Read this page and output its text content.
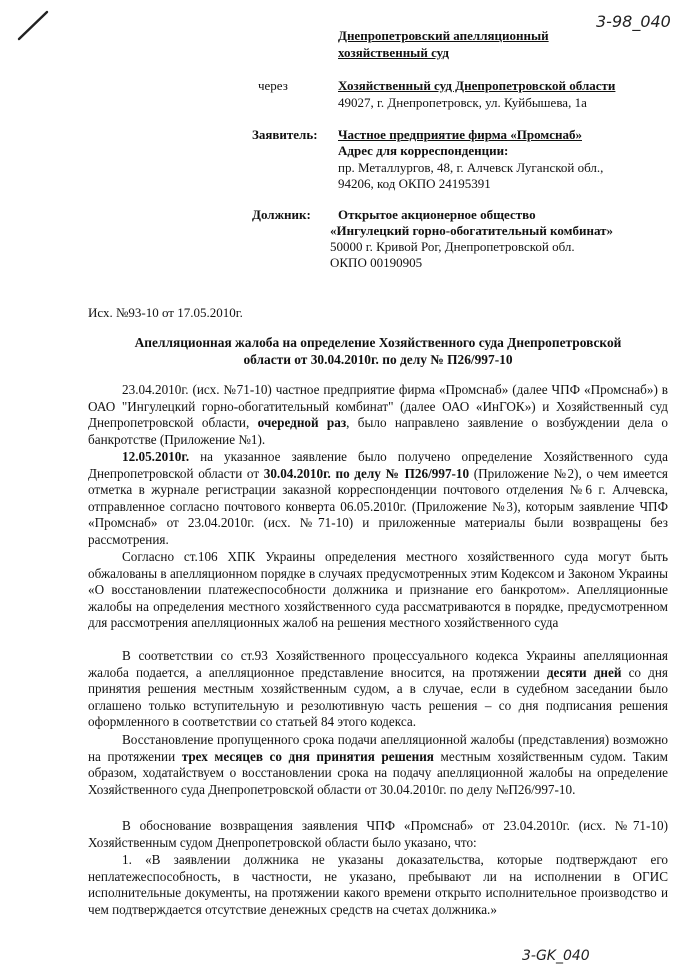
3-98_040
Днепропетровский апелляционный
хозяйственный суд
через	Хозяйственный суд Днепропетровской области
49027, г. Днепропетровск, ул. Куйбышева, 1а
Заявитель: Частное предприятие фирма «Промснаб»
Адрес для корреспонденции:
пр. Металлургов, 48, г. Алчевск Луганской обл.,
94206, код ОКПО 24195391
Должник: Открытое акционерное общество
«Ингулецкий горно-обогатительный комбинат»
50000 г. Кривой Рог, Днепропетровской обл.
ОКПО 00190905
Исх. №93-10 от 17.05.2010г.
Апелляционная жалоба на определение Хозяйственного суда Днепропетровской
области от 30.04.2010г. по делу № П26/997-10
23.04.2010г. (исх. №71-10) частное предприятие фирма «Промснаб» (далее ЧПФ «Промснаб») в ОАО "Ингулецкий горно-обогатительный комбинат" (далее ОАО «ИнГОК») и Хозяйственный суд Днепропетровской области, очередной раз, было направлено заявление о возбуждении дела о банкротстве (Приложение №1).
12.05.2010г. на указанное заявление было получено определение Хозяйственного суда Днепропетровской области от 30.04.2010г. по делу № П26/997-10 (Приложение №2), о чем имеется отметка в журнале регистрации заказной корреспонденции почтового отделения №6 г. Алчевска, отправленное согласно почтового конверта 06.05.2010г. (Приложение №3), которым заявление ЧПФ «Промснаб» от 23.04.2010г. (исх. №71-10) и приложенные материалы были возвращены без рассмотрения.
Согласно ст.106 ХПК Украины определения местного хозяйственного суда могут быть обжалованы в апелляционном порядке в случаях предусмотренных этим Кодексом и Законом Украины «О восстановлении платежеспособности должника и признание его банкротом». Апелляционные жалобы на определения местного хозяйственного суда рассматриваются в порядке, предусмотренном для рассмотрения апелляционных жалоб на решения местного хозяйственного суда
В соответствии со ст.93 Хозяйственного процессуального кодекса Украины апелляционная жалоба подается, а апелляционное представление вносится, на протяжении десяти дней со дня принятия решения местным хозяйственным судом, а в случае, если в судебном заседании было оглашено только вступительную и резолютивную часть решения – со дня подписания решения оформленного в соответствии со статьей 84 этого кодекса.
Восстановление пропущенного срока подачи апелляционной жалобы (представления) возможно на протяжении трех месяцев со дня принятия решения местным хозяйственным судом. Таким образом, ходатайствуем о восстановлении срока на подачу апелляционной жалобы на определение Хозяйственного суда Днепропетровской области от 30.04.2010г. по делу №П26/997-10.
В обоснование возвращения заявления ЧПФ «Промснаб» от 23.04.2010г. (исх. №71-10) Хозяйственным судом Днепропетровской области было указано, что:
1. «В заявлении должника не указаны доказательства, которые подтверждают его неплатежеспособность, в частности, не указано, пребывают ли на исполнении в ОГИС исполнительные документы, на протяжении какого времени открыто исполнительное производство и чем подтверждается отсутствие денежных средств на счетах должника.»
3-GK_040
